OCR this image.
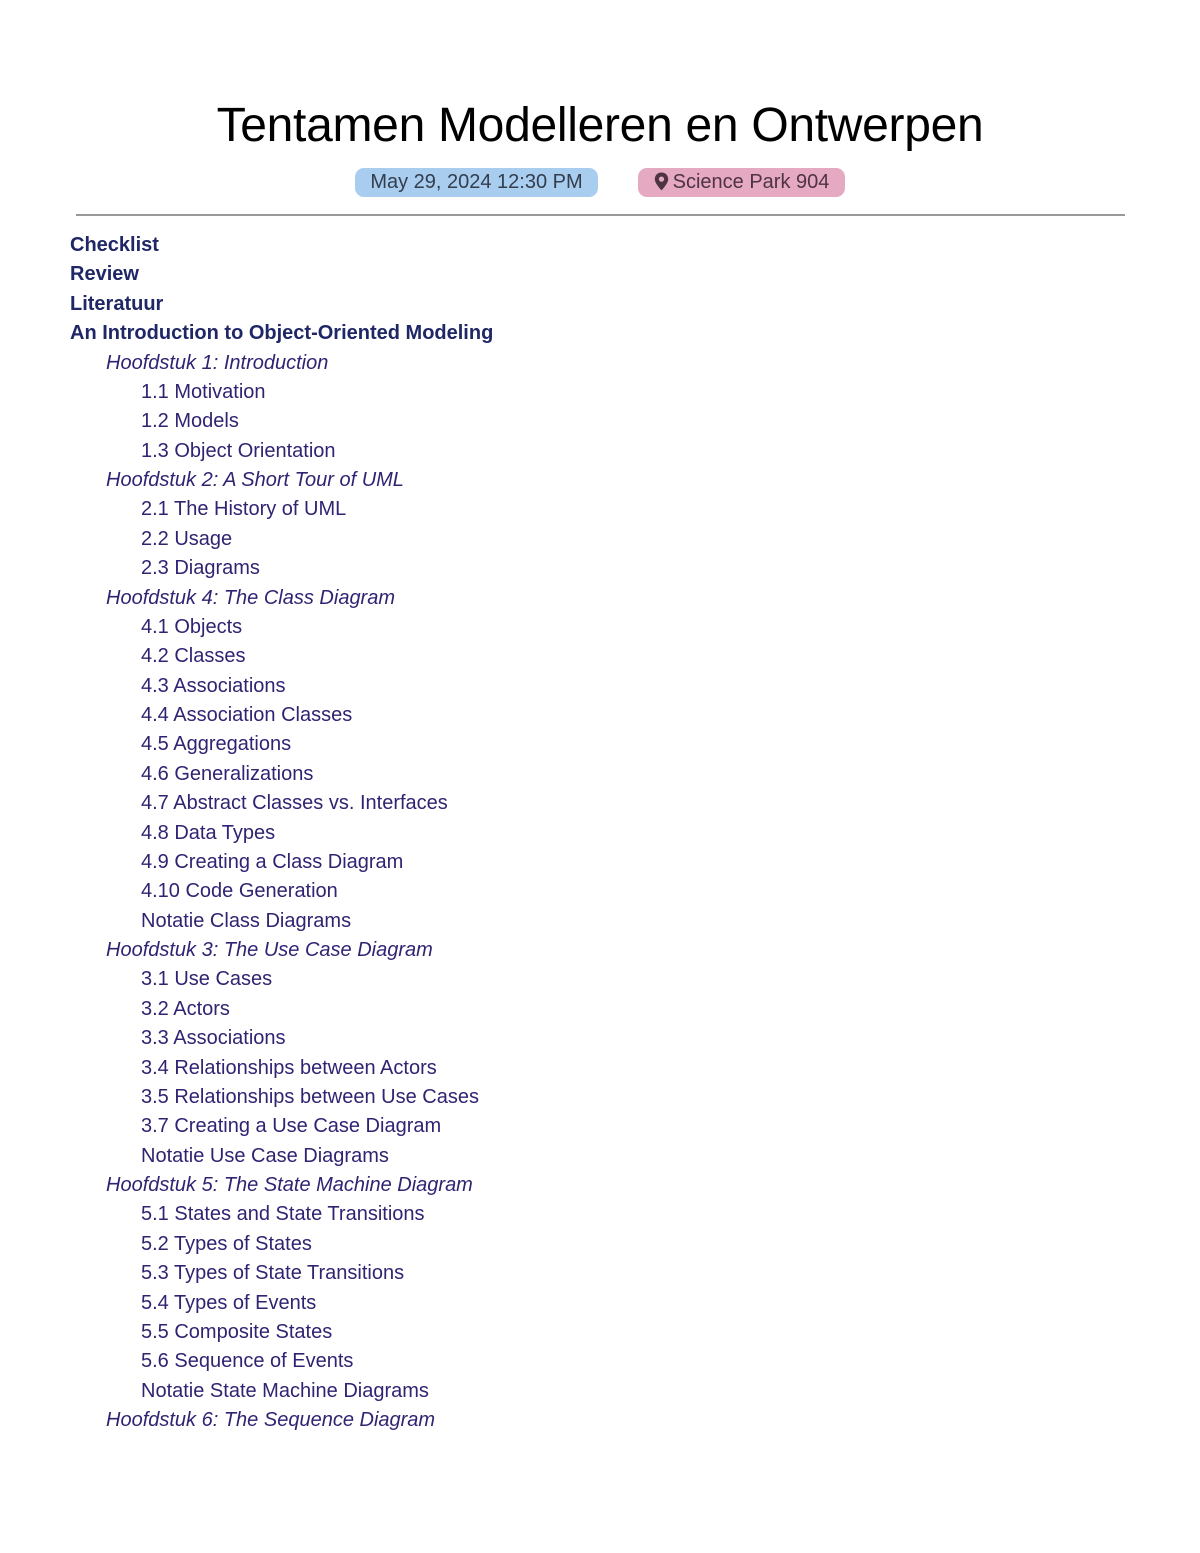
Tentamen Modelleren en Ontwerpen
May 29, 2024 12:30 PM	Science Park 904
Checklist
Review
Literatuur
An Introduction to Object-Oriented Modeling
Hoofdstuk 1: Introduction
1.1 Motivation
1.2 Models
1.3 Object Orientation
Hoofdstuk 2: A Short Tour of UML
2.1 The History of UML
2.2 Usage
2.3 Diagrams
Hoofdstuk 4: The Class Diagram
4.1 Objects
4.2 Classes
4.3 Associations
4.4 Association Classes
4.5 Aggregations
4.6 Generalizations
4.7 Abstract Classes vs. Interfaces
4.8 Data Types
4.9 Creating a Class Diagram
4.10 Code Generation
Notatie Class Diagrams
Hoofdstuk 3: The Use Case Diagram
3.1 Use Cases
3.2 Actors
3.3 Associations
3.4 Relationships between Actors
3.5 Relationships between Use Cases
3.7 Creating a Use Case Diagram
Notatie Use Case Diagrams
Hoofdstuk 5: The State Machine Diagram
5.1 States and State Transitions
5.2 Types of States
5.3 Types of State Transitions
5.4 Types of Events
5.5 Composite States
5.6 Sequence of Events
Notatie State Machine Diagrams
Hoofdstuk 6: The Sequence Diagram
